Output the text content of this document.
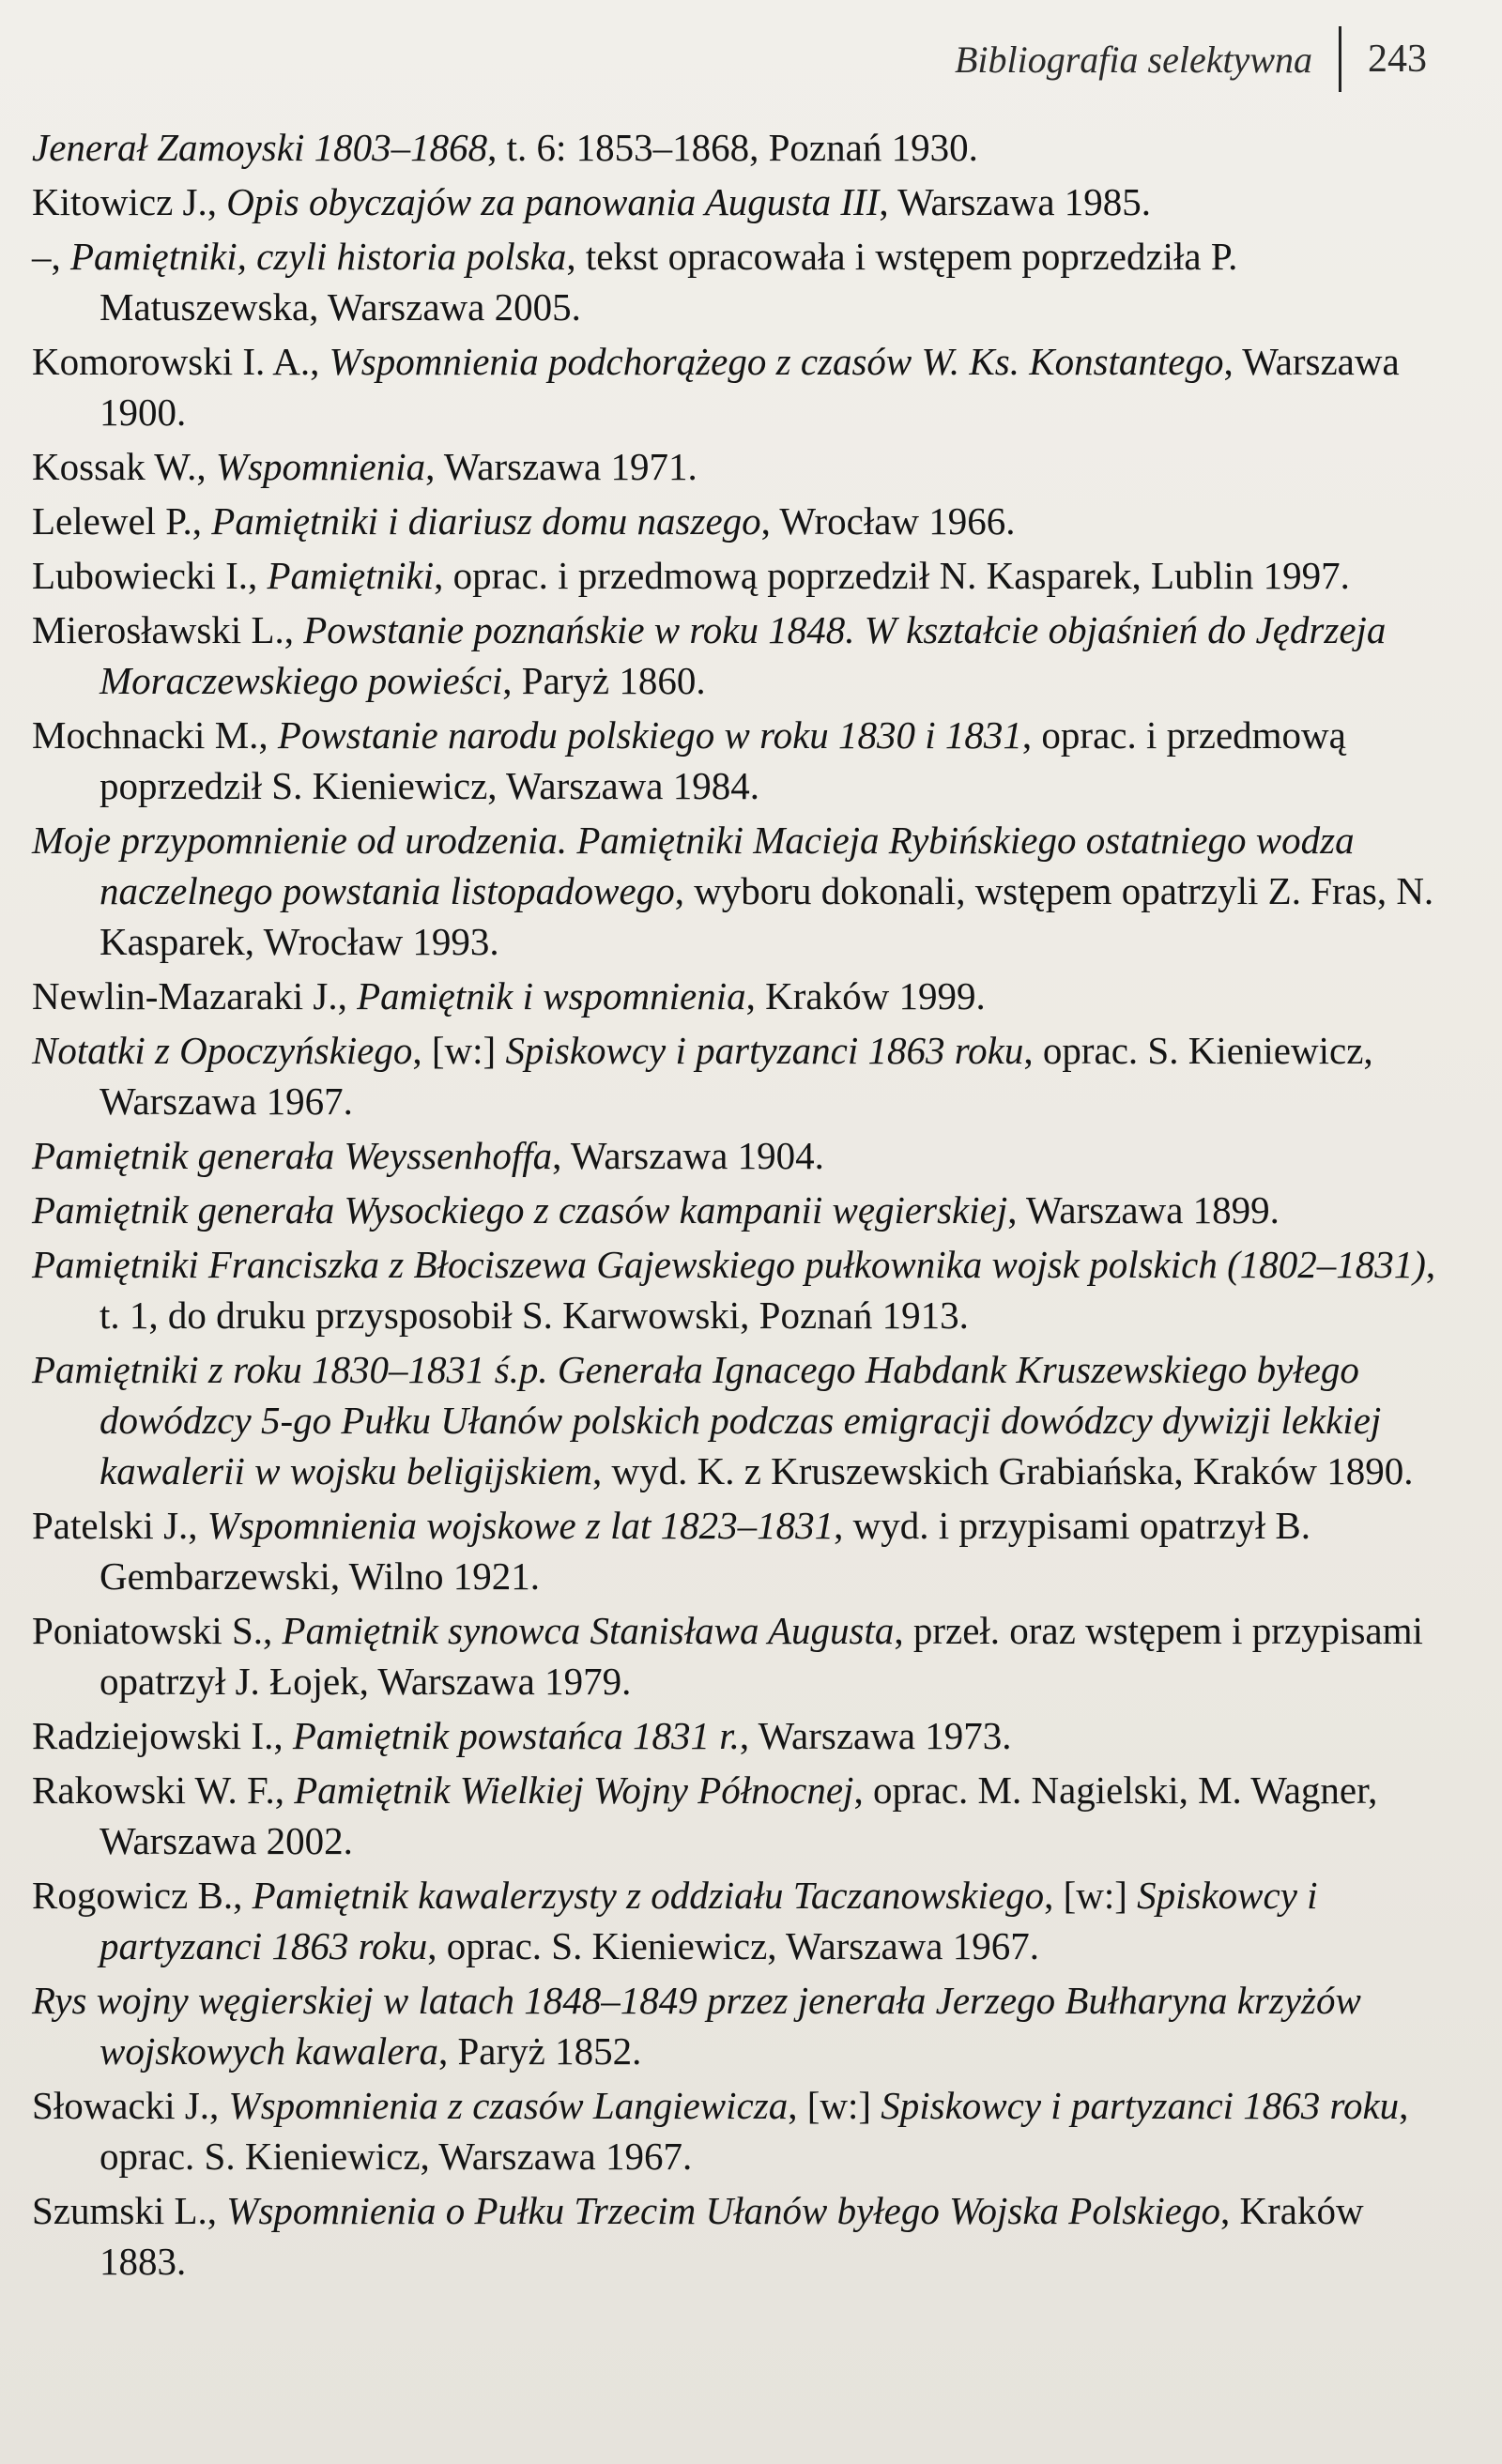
Bibliografia selektywna 243

Jenerał Zamoyski 1803–1868, t. 6: 1853–1868, Poznań 1930.

Kitowicz J., Opis obyczajów za panowania Augusta III, Warszawa 1985.

–, Pamiętniki, czyli historia polska, tekst opracowała i wstępem poprzedziła P. Matuszewska, Warszawa 2005.

Komorowski I. A., Wspomnienia podchorążego z czasów W. Ks. Konstantego, Warszawa 1900.

Kossak W., Wspomnienia, Warszawa 1971.

Lelewel P., Pamiętniki i diariusz domu naszego, Wrocław 1966.

Lubowiecki I., Pamiętniki, oprac. i przedmową poprzedził N. Kasparek, Lublin 1997.

Mierosławski L., Powstanie poznańskie w roku 1848. W kształcie objaśnień do Jędrzeja Moraczewskiego powieści, Paryż 1860.

Mochnacki M., Powstanie narodu polskiego w roku 1830 i 1831, oprac. i przedmową poprzedził S. Kieniewicz, Warszawa 1984.

Moje przypomnienie od urodzenia. Pamiętniki Macieja Rybińskiego ostatniego wodza naczelnego powstania listopadowego, wyboru dokonali, wstępem opatrzyli Z. Fras, N. Kasparek, Wrocław 1993.

Newlin-Mazaraki J., Pamiętnik i wspomnienia, Kraków 1999.

Notatki z Opoczyńskiego, [w:] Spiskowcy i partyzanci 1863 roku, oprac. S. Kieniewicz, Warszawa 1967.

Pamiętnik generała Weyssenhoffa, Warszawa 1904.

Pamiętnik generała Wysockiego z czasów kampanii węgierskiej, Warszawa 1899.

Pamiętniki Franciszka z Błociszewa Gajewskiego pułkownika wojsk polskich (1802–1831), t. 1, do druku przysposobił S. Karwowski, Poznań 1913.

Pamiętniki z roku 1830–1831 ś.p. Generała Ignacego Habdank Kruszewskiego byłego dowódzcy 5-go Pułku Ułanów polskich podczas emigracji dowódzcy dywizji lekkiej kawalerii w wojsku beligijskiem, wyd. K. z Kruszewskich Grabiańska, Kraków 1890.

Patelski J., Wspomnienia wojskowe z lat 1823–1831, wyd. i przypisami opatrzył B. Gembarzewski, Wilno 1921.

Poniatowski S., Pamiętnik synowca Stanisława Augusta, przeł. oraz wstępem i przypisami opatrzył J. Łojek, Warszawa 1979.

Radziejowski I., Pamiętnik powstańca 1831 r., Warszawa 1973.

Rakowski W. F., Pamiętnik Wielkiej Wojny Północnej, oprac. M. Nagielski, M. Wagner, Warszawa 2002.

Rogowicz B., Pamiętnik kawalerzysty z oddziału Taczanowskiego, [w:] Spiskowcy i partyzanci 1863 roku, oprac. S. Kieniewicz, Warszawa 1967.

Rys wojny węgierskiej w latach 1848–1849 przez jenerała Jerzego Bułharyna krzyżów wojskowych kawalera, Paryż 1852.

Słowacki J., Wspomnienia z czasów Langiewicza, [w:] Spiskowcy i partyzanci 1863 roku, oprac. S. Kieniewicz, Warszawa 1967.

Szumski L., Wspomnienia o Pułku Trzecim Ułanów byłego Wojska Polskiego, Kraków 1883.
